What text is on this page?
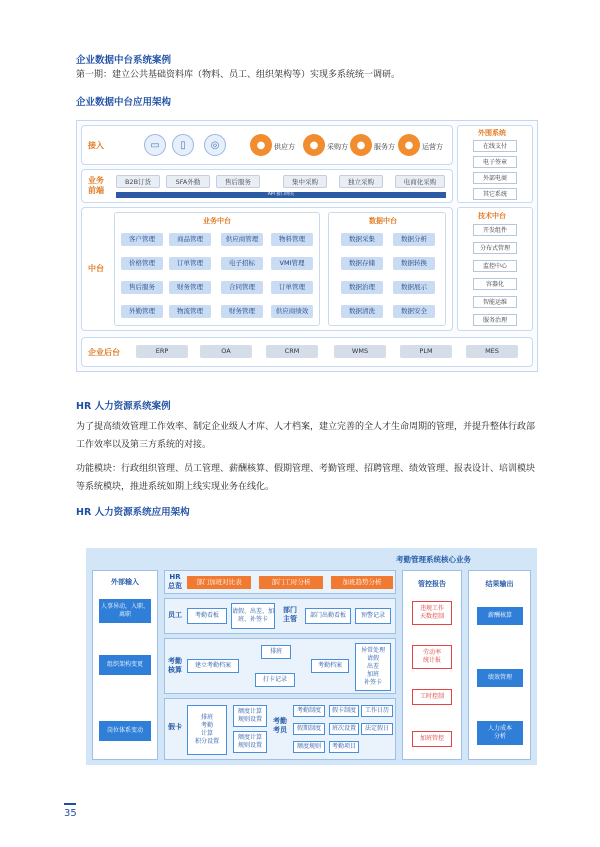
企业数据中台系统案例
第一期：建立公共基础资料库（物料、员工、组织架构等）实现多系统统一调研。
企业数据中台应用架构
接入	▭	▯	◎	●	供应方	●	采购方 ●	服务方 ●	运营方
业务
前端
B2B订货	SFA外勤	售后服务	集中采购	独立采购	电商化采购
API 接口网关
中台
业务中台
客户管理	商品管理	供应商管理	物料管理
价格管理	订单管理	电子招标	VMI管理
售后服务	财务管理	合同管理	订单管理
外勤管理	物流管理	财务管理	供应商绩效
数据中台
数据采集	数据分析
数据存储	数据转换
数据治理	数据展示
数据清洗	数据安全
外围系统
在线支付
电子签章
外部电商
其它系统
技术中台
开发组件
分布式管理
监控中心
容器化
智能运维
服务治理
企业后台	ERP	OA	CRM	WMS	PLM	MES
HR 人力资源系统案例
为了提高绩效管理工作效率、制定企业级人才库、人才档案，建立完善的全人才生命周期的管理，并提升整体行政部工作效率以及第三方系统的对接。
功能模块：行政组织管理、员工管理、薪酬核算、假期管理、考勤管理、招聘管理、绩效管理、报表设计、培训模块等系统模块，推进系统如期上线实现业务在线化。
HR 人力资源系统应用架构
考勤管理系统核心业务
外部输入
人事异动，入职、离职
组织架构变更
岗位体系变动
HR
总览	部门加班对比表	部门工时分析	加班趋势分析
员工	考勤看板
请假、出差、加班、补签卡
部门
主管	部门出勤看板	预警记录
考勤
核算
建立考勤档案
排班
打卡记录
考勤档案
异常处理
请假
出差
加班
补签卡
假卡
排班
考勤
计算
积分设置
额度计算
规则设置
额度计算
规则设置
考勤
考员
考勤制度	假卡制度	工作日历
假期制度	班次设置	法定假日
额度规则	考勤项目
管控报告
违规工作
天数控制
劳动率
统计报
工时控制
加班管控
结果输出
薪酬核算
绩效管理
人力成本
分析
35
